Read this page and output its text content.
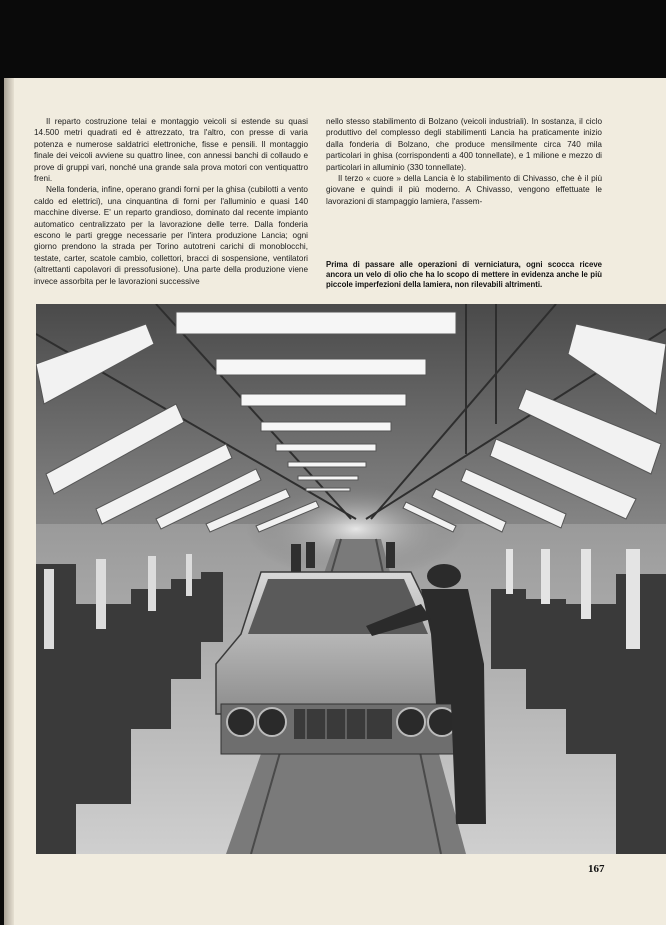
Il reparto costruzione telai e montaggio veicoli si estende su quasi 14.500 metri quadrati ed è attrezzato, tra l'altro, con presse di varia potenza e numerose saldatrici elettroniche, fisse e pensili. Il montaggio finale dei veicoli avviene su quattro linee, con annessi banchi di collaudo e prove di gruppi vari, nonché una grande sala prova motori con ventiquattro freni.

Nella fonderia, infine, operano grandi forni per la ghisa (cubilotti a vento caldo ed elettrici), una cinquantina di forni per l'alluminio e quasi 140 macchine diverse. E' un reparto grandioso, dominato dal recente impianto automatico centralizzato per la lavorazione delle terre. Dalla fonderia escono le parti gregge necessarie per l'intera produzione Lancia; ogni giorno prendono la strada per Torino autotreni carichi di monoblocchi, testate, carter, scatole cambio, collettori, bracci di sospensione, ventilatori (altrettanti capolavori di pressofusione). Una parte della produzione viene invece assorbita per le lavorazioni successive

nello stesso stabilimento di Bolzano (veicoli industriali). In sostanza, il ciclo produttivo del complesso degli stabilimenti Lancia ha praticamente inizio dalla fonderia di Bolzano, che produce mensilmente circa 740 mila particolari in ghisa (corrispondenti a 400 tonnellate), e 1 milione e mezzo di particolari in alluminio (330 tonnellate).

Il terzo « cuore » della Lancia è lo stabilimento di Chivasso, che è il più giovane e quindi il più moderno. A Chivasso, vengono effettuate le lavorazioni di stampaggio lamiera, l'assem-

Prima di passare alle operazioni di verniciatura, ogni scocca riceve ancora un velo di olio che ha lo scopo di mettere in evidenza anche le più piccole imperfezioni della lamiera, non rilevabili altrimenti.
167
